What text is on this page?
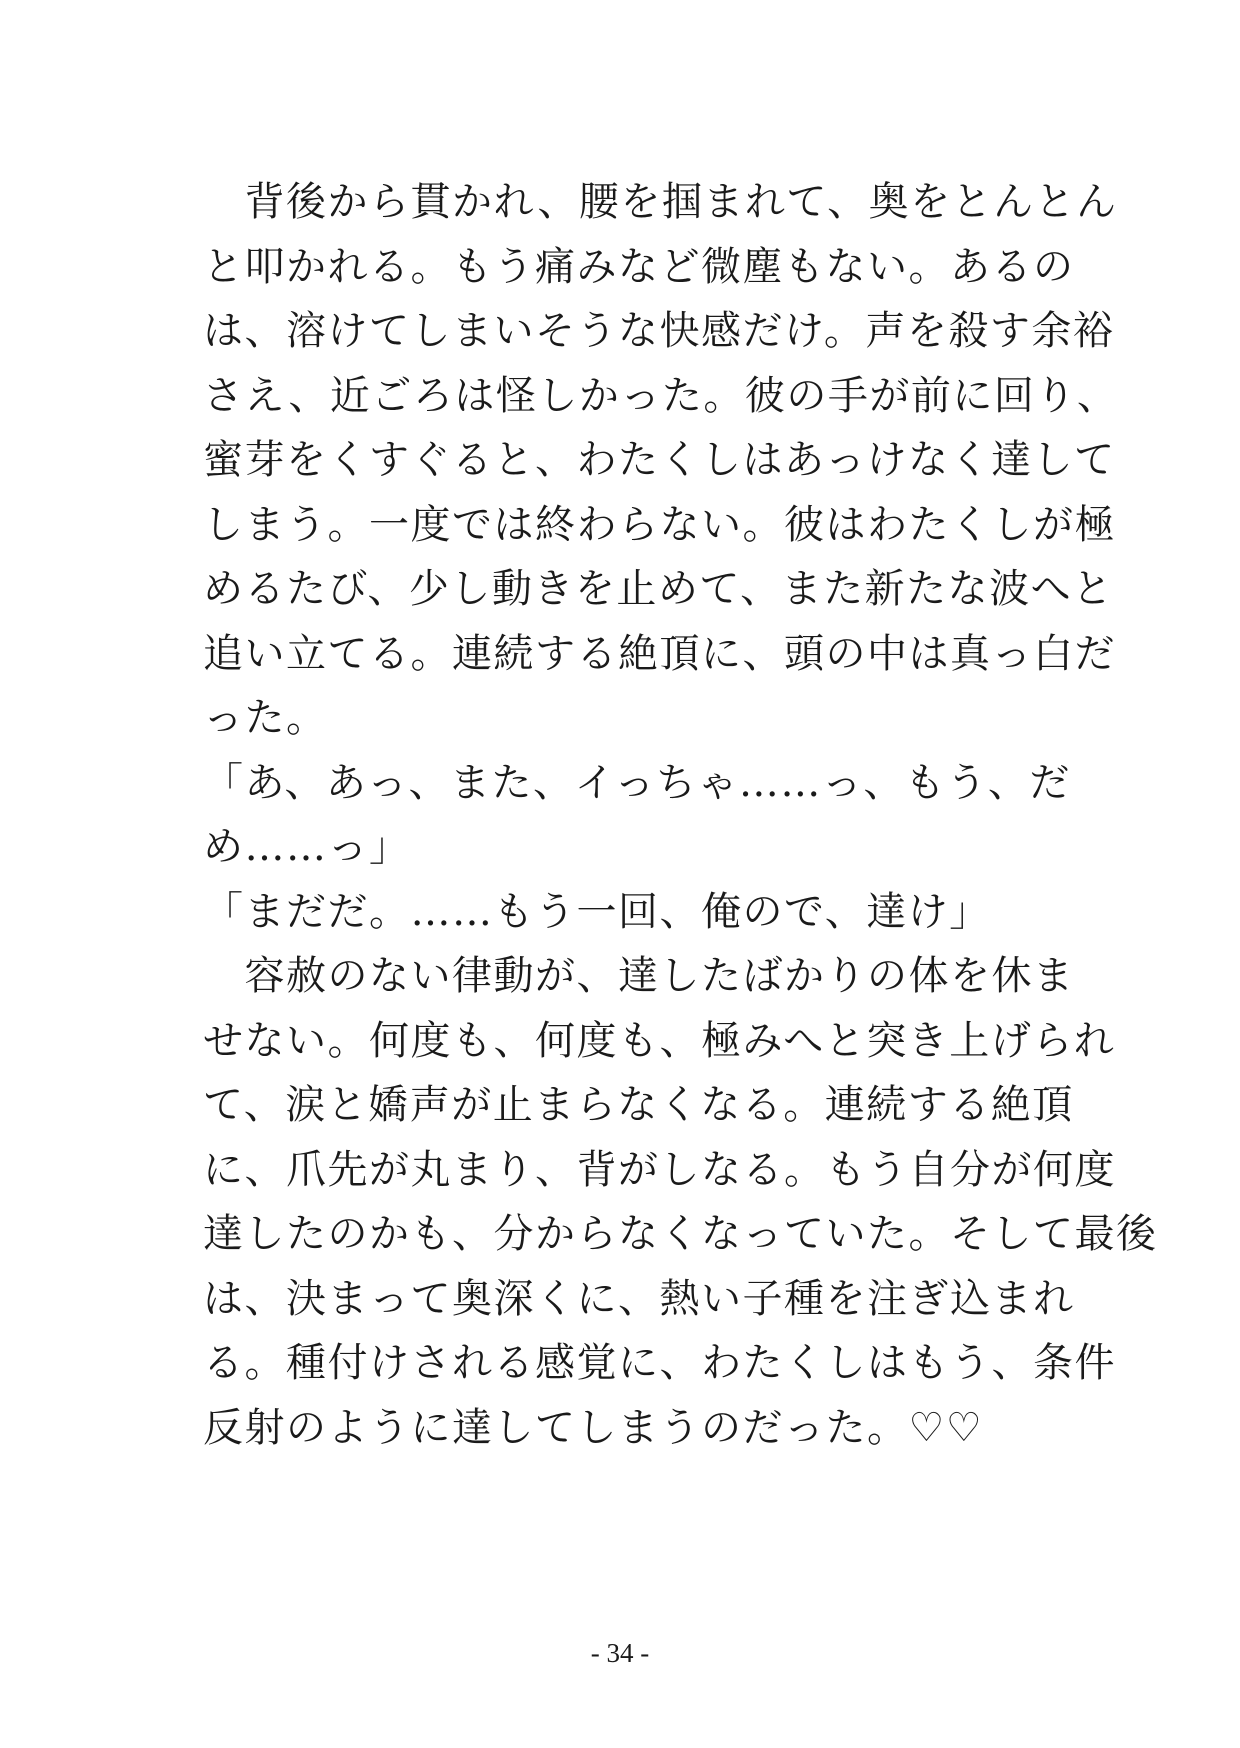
　背後から貫かれ、腰を掴まれて、奥をとんとん
と叩かれる。もう痛みなど微塵もない。あるの
は、溶けてしまいそうな快感だけ。声を殺す余裕
さえ、近ごろは怪しかった。彼の手が前に回り、
蜜芽をくすぐると、わたくしはあっけなく達して
しまう。一度では終わらない。彼はわたくしが極
めるたび、少し動きを止めて、また新たな波へと
追い立てる。連続する絶頂に、頭の中は真っ白だ
った。
「あ、あっ、また、イっちゃ……っ、もう、だ
め……っ」
「まだだ。……もう一回、俺ので、達け」
　容赦のない律動が、達したばかりの体を休ま
せない。何度も、何度も、極みへと突き上げられ
て、涙と嬌声が止まらなくなる。連続する絶頂
に、爪先が丸まり、背がしなる。もう自分が何度
達したのかも、分からなくなっていた。そして最後
は、決まって奥深くに、熱い子種を注ぎ込まれ
る。種付けされる感覚に、わたくしはもう、条件
反射のように達してしまうのだった。♡♡
- 34 -
